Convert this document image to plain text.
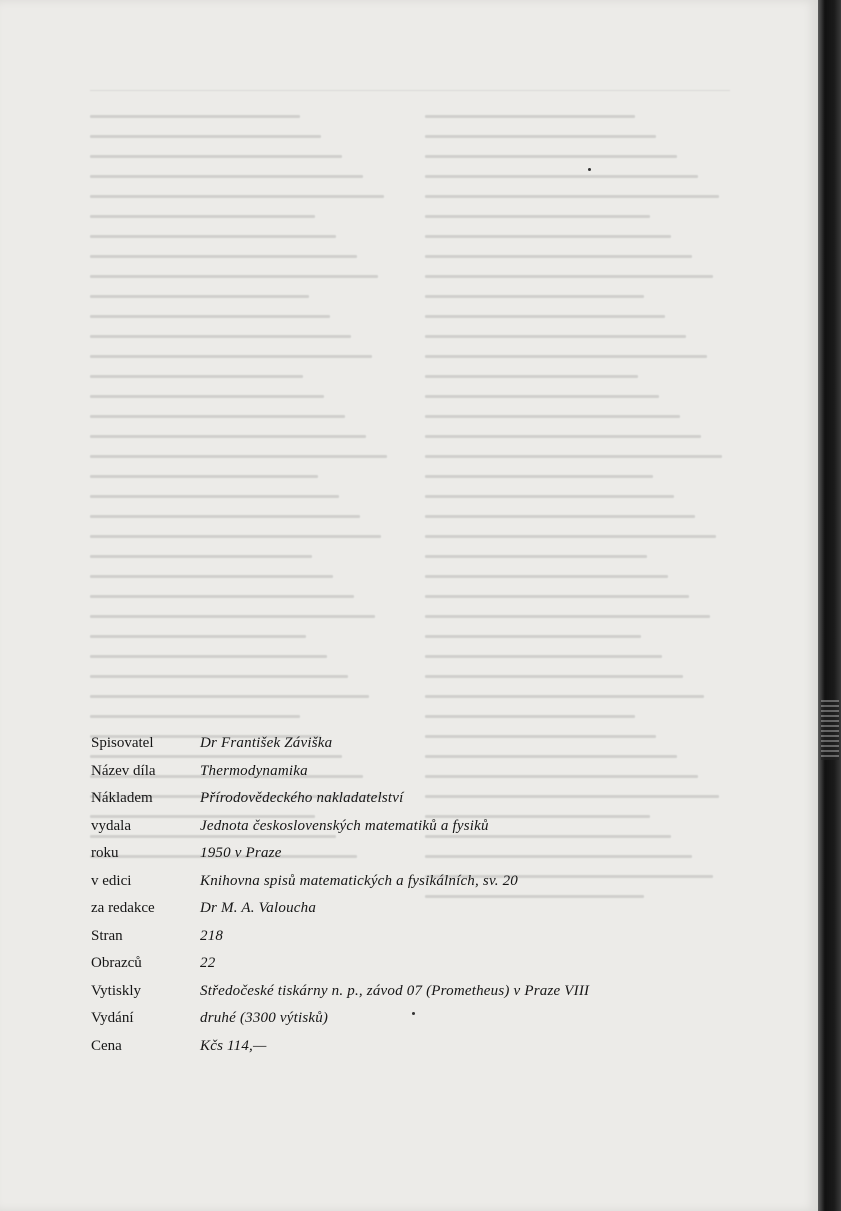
Spisovatel	Dr František Záviška
Název díla	Thermodynamika
Nákladem	Přírodovědeckého nakladatelství
vydala	Jednota československých matematiků a fysiků
roku	1950 v Praze
v edici	Knihovna spisů matematických a fysikálních, sv. 20
za redakce	Dr M. A. Valoucha
Stran	218
Obrazců	22
Vytiskly	Středočeské tiskárny n. p., závod 07 (Prometheus) v Praze VIII
Vydání	druhé (3300 výtisků)
Cena	Kčs 114,—
